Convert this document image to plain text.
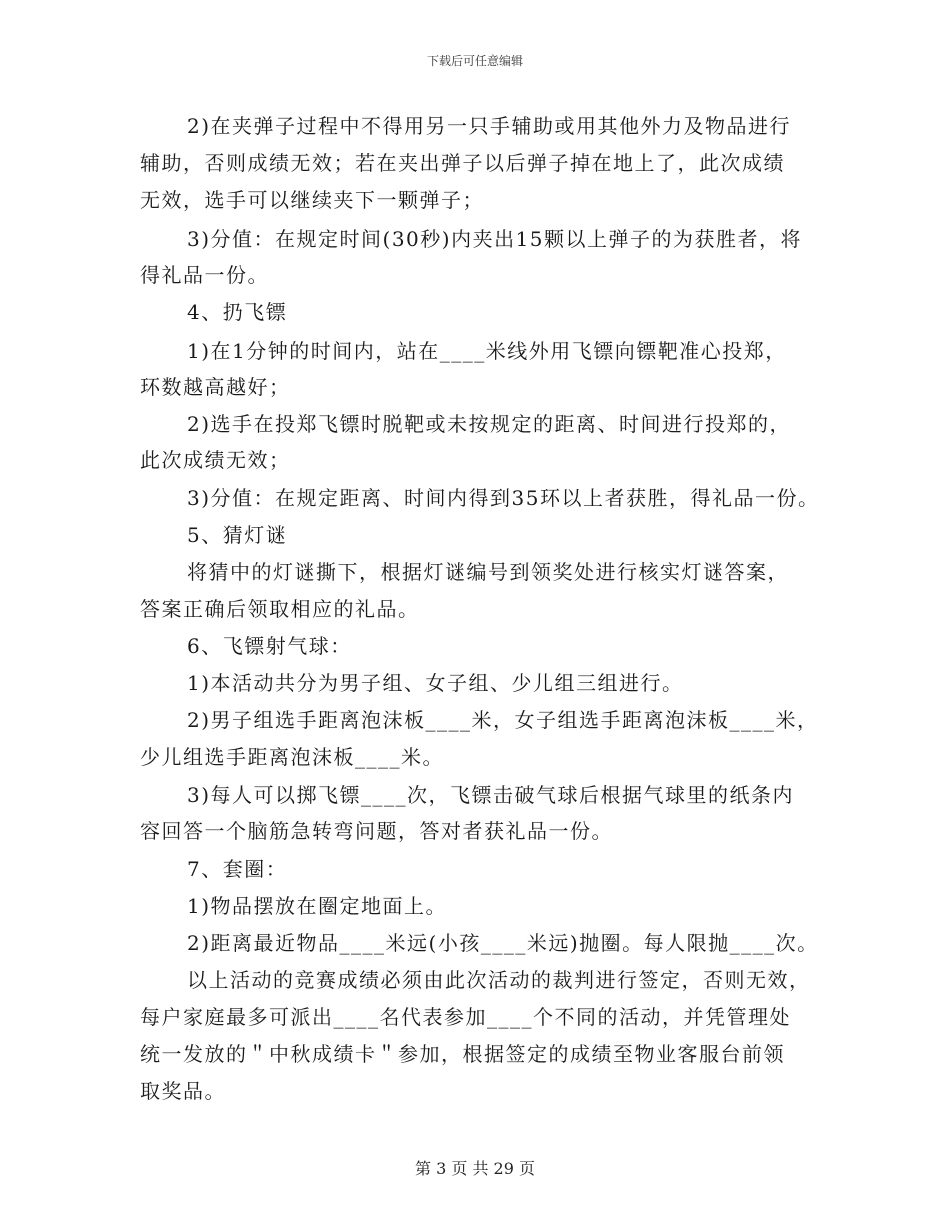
下载后可任意编辑
2)在夹弹子过程中不得用另一只手辅助或用其他外力及物品进行
辅助，否则成绩无效；若在夹出弹子以后弹子掉在地上了，此次成绩
无效，选手可以继续夹下一颗弹子；
3)分值：在规定时间(30秒)内夹出15颗以上弹子的为获胜者，将
得礼品一份。
4、扔飞镖
1)在1分钟的时间内，站在____米线外用飞镖向镖靶准心投郑，
环数越高越好；
2)选手在投郑飞镖时脱靶或未按规定的距离、时间进行投郑的，
此次成绩无效；
3)分值：在规定距离、时间内得到35环以上者获胜，得礼品一份。
5、猜灯谜
将猜中的灯谜撕下，根据灯谜编号到领奖处进行核实灯谜答案，
答案正确后领取相应的礼品。
6、飞镖射气球：
1)本活动共分为男子组、女子组、少儿组三组进行。
2)男子组选手距离泡沫板____米，女子组选手距离泡沫板____米，
少儿组选手距离泡沫板____米。
3)每人可以掷飞镖____次，飞镖击破气球后根据气球里的纸条内
容回答一个脑筋急转弯问题，答对者获礼品一份。
7、套圈：
1)物品摆放在圈定地面上。
2)距离最近物品____米远(小孩____米远)抛圈。每人限抛____次。
以上活动的竞赛成绩必须由此次活动的裁判进行签定，否则无效，
每户家庭最多可派出____名代表参加____个不同的活动，并凭管理处
统一发放的＂中秋成绩卡＂参加，根据签定的成绩至物业客服台前领
取奖品。
第 3 页 共 29 页
